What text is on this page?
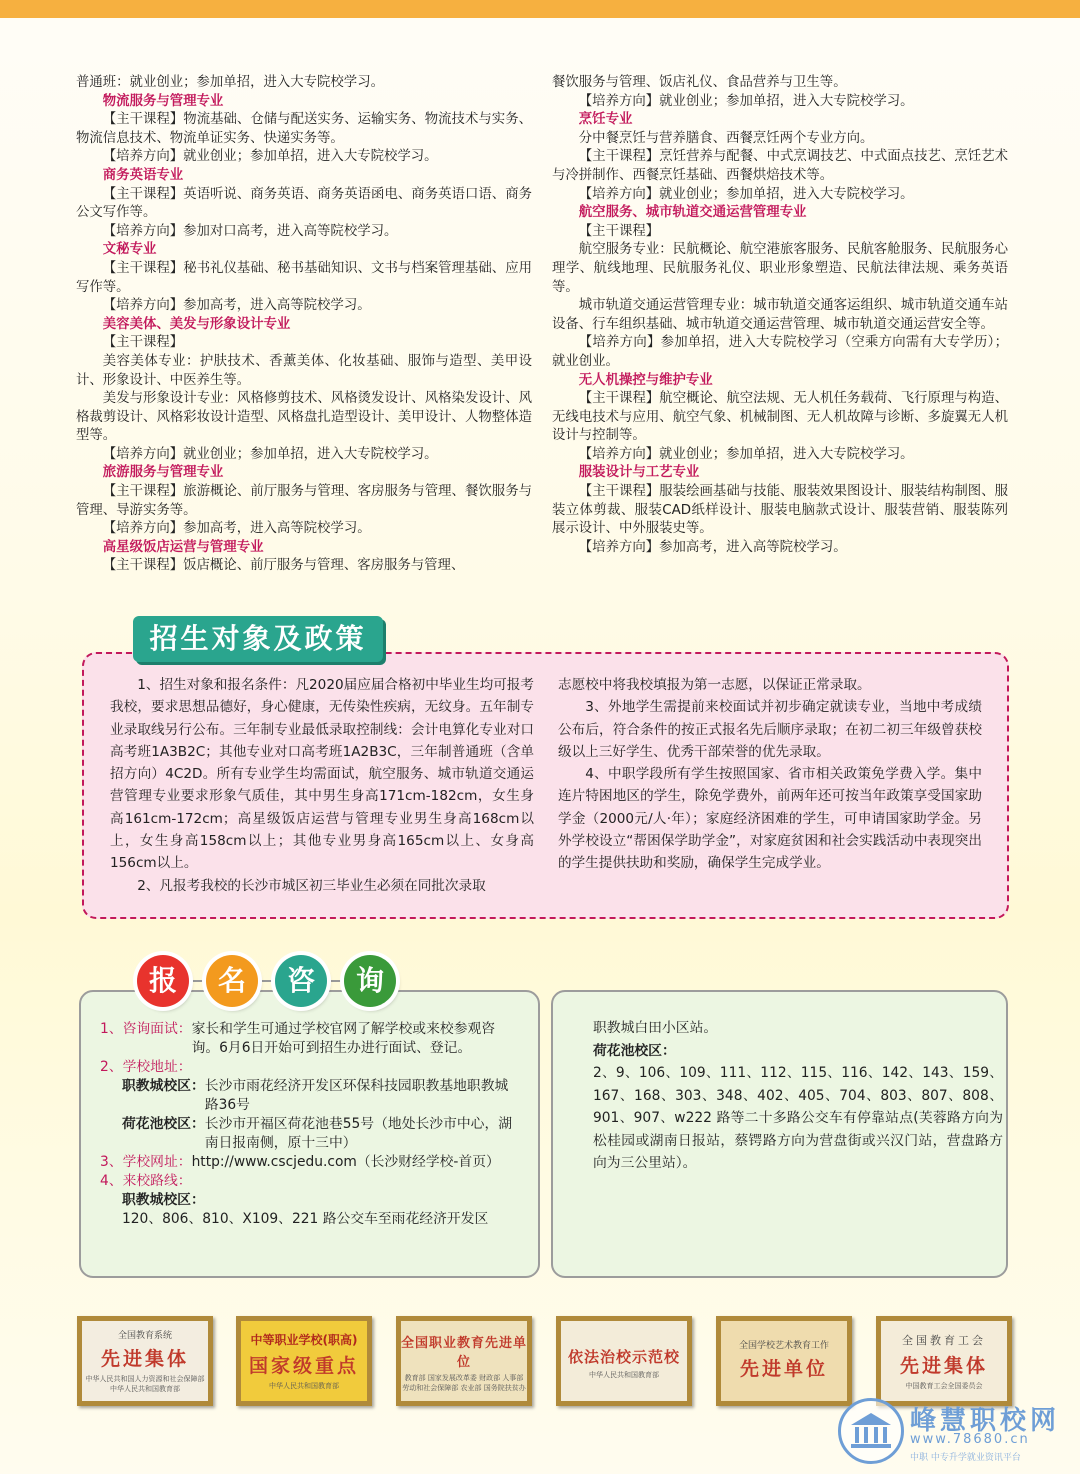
普通班：就业创业；参加单招，进入大专院校学习。

物流服务与管理专业

【主干课程】物流基础、仓储与配送实务、运输实务、物流技术与实务、物流信息技术、物流单证实务、快递实务等。

【培养方向】就业创业；参加单招，进入大专院校学习。

商务英语专业

【主干课程】英语听说、商务英语、商务英语函电、商务英语口语、商务公文写作等。

【培养方向】参加对口高考，进入高等院校学习。

文秘专业

【主干课程】秘书礼仪基础、秘书基础知识、文书与档案管理基础、应用写作等。

【培养方向】参加高考，进入高等院校学习。

美容美体、美发与形象设计专业

【主干课程】

美容美体专业：护肤技术、香薰美体、化妆基础、服饰与造型、美甲设计、形象设计、中医养生等。

美发与形象设计专业：风格修剪技术、风格烫发设计、风格染发设计、风格裁剪设计、风格彩妆设计造型、风格盘扎造型设计、美甲设计、人物整体造型等。

【培养方向】就业创业；参加单招，进入大专院校学习。

旅游服务与管理专业

【主干课程】旅游概论、前厅服务与管理、客房服务与管理、餐饮服务与管理、导游实务等。

【培养方向】参加高考，进入高等院校学习。

高星级饭店运营与管理专业

【主干课程】饭店概论、前厅服务与管理、客房服务与管理、

餐饮服务与管理、饭店礼仪、食品营养与卫生等。

【培养方向】就业创业；参加单招，进入大专院校学习。

烹饪专业

分中餐烹饪与营养膳食、西餐烹饪两个专业方向。

【主干课程】烹饪营养与配餐、中式烹调技艺、中式面点技艺、烹饪艺术与冷拼制作、西餐烹饪基础、西餐烘焙技术等。

【培养方向】就业创业；参加单招，进入大专院校学习。

航空服务、城市轨道交通运营管理专业

【主干课程】

航空服务专业：民航概论、航空港旅客服务、民航客舱服务、民航服务心理学、航线地理、民航服务礼仪、职业形象塑造、民航法律法规、乘务英语等。

城市轨道交通运营管理专业：城市轨道交通客运组织、城市轨道交通车站设备、行车组织基础、城市轨道交通运营管理、城市轨道交通运营安全等。

【培养方向】参加单招，进入大专院校学习（空乘方向需有大专学历）；就业创业。

无人机操控与维护专业

【主干课程】航空概论、航空法规、无人机任务载荷、飞行原理与构造、无线电技术与应用、航空气象、机械制图、无人机故障与诊断、多旋翼无人机设计与控制等。

【培养方向】就业创业；参加单招，进入大专院校学习。

服装设计与工艺专业

【主干课程】服装绘画基础与技能、服装效果图设计、服装结构制图、服装立体剪裁、服装CAD纸样设计、服装电脑款式设计、服装营销、服装陈列展示设计、中外服装史等。

【培养方向】参加高考，进入高等院校学习。

招生对象及政策

1、招生对象和报名条件：凡2020届应届合格初中毕业生均可报考我校，要求思想品德好，身心健康，无传染性疾病，无纹身。五年制专业录取线另行公布。三年制专业最低录取控制线：会计电算化专业对口高考班1A3B2C；其他专业对口高考班1A2B3C，三年制普通班（含单招方向）4C2D。所有专业学生均需面试，航空服务、城市轨道交通运营管理专业要求形象气质佳，其中男生身高171cm-182cm，女生身高161cm-172cm；高星级饭店运营与管理专业男生身高168cm以上，女生身高158cm以上；其他专业男身高165cm以上、女身高156cm以上。

2、凡报考我校的长沙市城区初三毕业生必须在同批次录取

志愿校中将我校填报为第一志愿，以保证正常录取。

3、外地学生需提前来校面试并初步确定就读专业，当地中考成绩公布后，符合条件的按正式报名先后顺序录取；在初二初三年级曾获校级以上三好学生、优秀干部荣誉的优先录取。

4、中职学段所有学生按照国家、省市相关政策免学费入学。集中连片特困地区的学生，除免学费外，前两年还可按当年政策享受国家助学金（2000元/人·年）；家庭经济困难的学生，可申请国家助学金。另外学校设立“帮困保学助学金”，对家庭贫困和社会实践活动中表现突出的学生提供扶助和奖励，确保学生完成学业。

报	名	咨	询
1、咨询面试： 家长和学生可通过学校官网了解学校或来校参观咨询。6月6日开始可到招生办进行面试、登记。
2、学校地址：
职教城校区： 长沙市雨花经济开发区环保科技园职教基地职教城路36号
荷花池校区： 长沙市开福区荷花池巷55号（地处长沙市中心，湖南日报南侧，原十三中）
3、学校网址： http://www.cscjedu.com（长沙财经学校-首页）
4、来校路线：
职教城校区：
120、806、810、X109、221 路公交车至雨花经济开发区
职教城白田小区站。
荷花池校区：
2、9、106、109、111、112、115、116、142、143、159、167、168、303、348、402、405、704、803、807、808、901、907、w222 路等二十多路公交车有停靠站点(芙蓉路方向为松桂园或湖南日报站，蔡锷路方向为营盘街或兴汉门站，营盘路方向为三公里站）。
全国教育系统
先进集体
中华人民共和国人力资源和社会保障部 中华人民共和国教育部
中等职业学校(职高)
国家级重点
中华人民共和国教育部
全国职业教育先进单位
教育部 国家发展改革委 财政部 人事部 劳动和社会保障部 农业部 国务院扶贫办
依法治校示范校
中华人民共和国教育部
全国学校艺术教育工作
先进单位
全国教育工会
先进集体
中国教育工会全国委员会
峰慧职校网
www.78680.cn
中职 中专升学就业资讯平台
